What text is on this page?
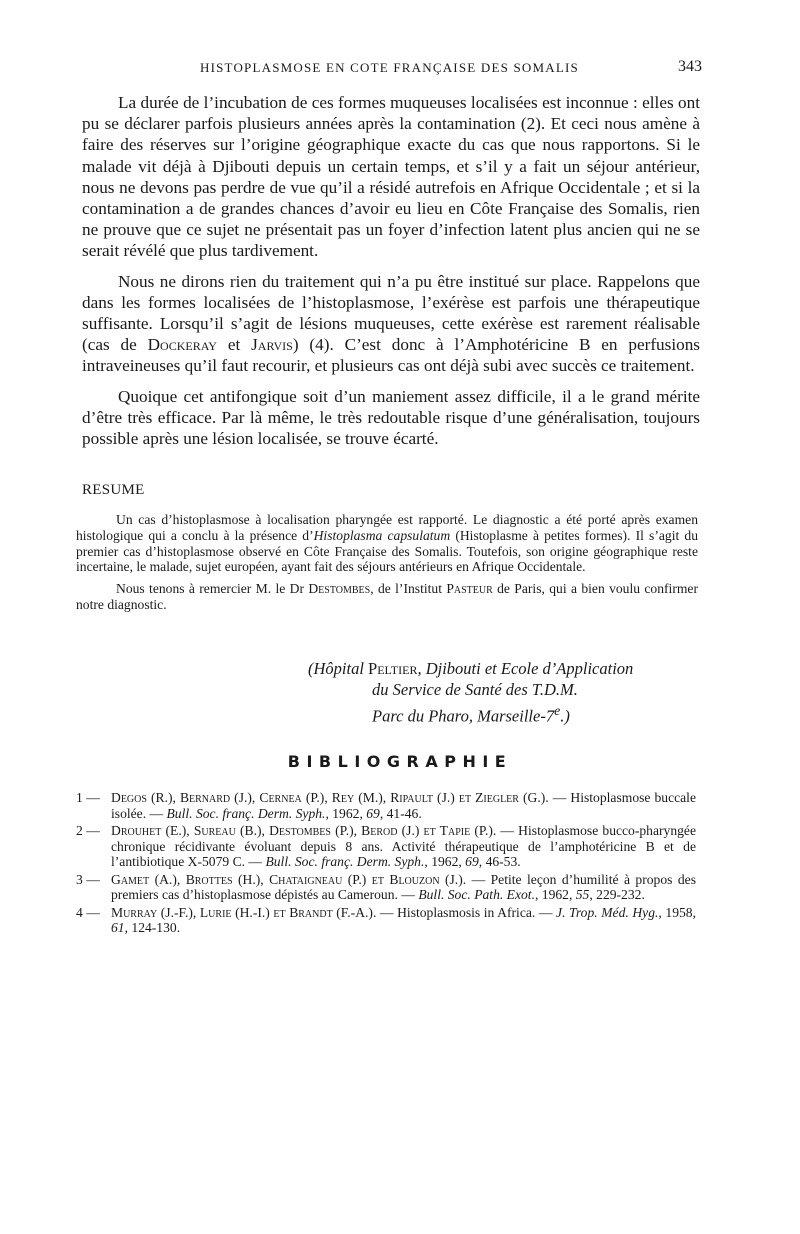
HISTOPLASMOSE EN COTE FRANÇAISE DES SOMALIS	343

La durée de l’incubation de ces formes muqueuses localisées est inconnue : elles ont pu se déclarer parfois plusieurs années après la contamination (2). Et ceci nous amène à faire des réserves sur l’origine géographique exacte du cas que nous rapportons. Si le malade vit déjà à Djibouti depuis un certain temps, et s’il y a fait un séjour antérieur, nous ne devons pas perdre de vue qu’il a résidé autrefois en Afrique Occidentale ; et si la contamination a de grandes chances d’avoir eu lieu en Côte Française des Somalis, rien ne prouve que ce sujet ne présentait pas un foyer d’infection latent plus ancien qui ne se serait révélé que plus tardivement.

Nous ne dirons rien du traitement qui n’a pu être institué sur place. Rappelons que dans les formes localisées de l’histoplasmose, l’exérèse est parfois une thérapeutique suffisante. Lorsqu’il s’agit de lésions muqueuses, cette exérèse est rarement réalisable (cas de Dockeray et Jarvis) (4). C’est donc à l’Amphotéricine B en perfusions intraveineuses qu’il faut recourir, et plusieurs cas ont déjà subi avec succès ce traitement.

Quoique cet antifongique soit d’un maniement assez difficile, il a le grand mérite d’être très efficace. Par là même, le très redoutable risque d’une généralisation, toujours possible après une lésion localisée, se trouve écarté.

RESUME

Un cas d’histoplasmose à localisation pharyngée est rapporté. Le diagnostic a été porté après examen histologique qui a conclu à la présence d’Histoplasma capsulatum (Histoplasme à petites formes). Il s’agit du premier cas d’histoplasmose observé en Côte Française des Somalis. Toutefois, son origine géographique reste incertaine, le malade, sujet européen, ayant fait des séjours antérieurs en Afrique Occidentale.

Nous tenons à remercier M. le Dr Destombes, de l’Institut Pasteur de Paris, qui a bien voulu confirmer notre diagnostic.

(Hôpital Peltier, Djibouti et Ecole d’Application
du Service de Santé des T.D.M.
Parc du Pharo, Marseille-7e.)
BIBLIOGRAPHIE
1 — Degos (R.), Bernard (J.), Cernea (P.), Rey (M.), Ripault (J.) et Ziegler (G.). — Histoplasmose buccale isolée. — Bull. Soc. franç. Derm. Syph., 1962, 69, 41-46.
2 — Drouhet (E.), Sureau (B.), Destombes (P.), Berod (J.) et Tapie (P.). — Histoplasmose bucco-pharyngée chronique récidivante évoluant depuis 8 ans. Activité thérapeutique de l’amphotéricine B et de l’antibiotique X-5079 C. — Bull. Soc. franç. Derm. Syph., 1962, 69, 46-53.
3 — Gamet (A.), Brottes (H.), Chataigneau (P.) et Blouzon (J.). — Petite leçon d’humilité à propos des premiers cas d’histoplasmose dépistés au Cameroun. — Bull. Soc. Path. Exot., 1962, 55, 229-232.
4 — Murray (J.-F.), Lurie (H.-I.) et Brandt (F.-A.). — Histoplasmosis in Africa. — J. Trop. Méd. Hyg., 1958, 61, 124-130.
